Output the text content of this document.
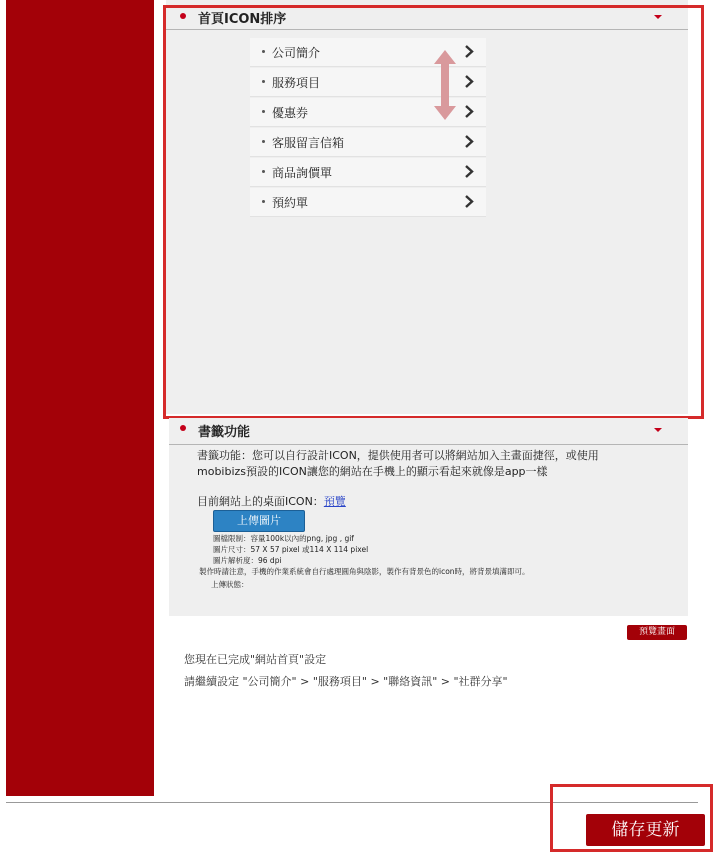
首頁ICON排序
公司簡介
服務項目
優惠券
客服留言信箱
商品詢價單
預約單
書籤功能
書籤功能：您可以自行設計ICON，提供使用者可以將網站加入主畫面捷徑，或使用
mobibizs預設的ICON讓您的網站在手機上的顯示看起來就像是app一樣
目前網站上的桌面ICON：預覽
上傳圖片
圖檔限制：容量100k以內的png, jpg , gif
圖片尺寸：57 X 57 pixel 或114 X 114 pixel
圖片解析度：96 dpi
製作時請注意，手機的作業系統會自行處理圓角與陰影，製作有背景色的icon時，將背景填滿即可。
上傳狀態：
預覽畫面
您現在已完成"網站首頁"設定
請繼續設定 "公司簡介" > "服務項目" > "聯絡資訊" > "社群分享"
儲存更新
